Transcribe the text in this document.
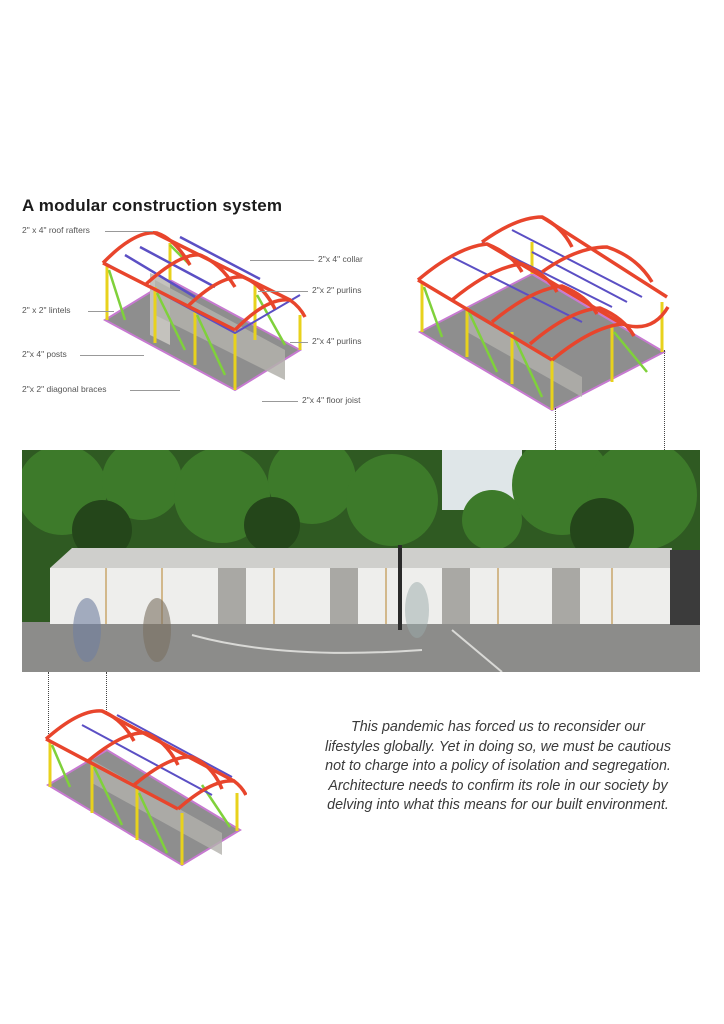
A modular construction system
2" x 4" roof rafters
2"x 4" collar
2"x 2" purlins
2" x 2" lintels
2"x 4" purlins
2"x 4" posts
2"x 2" diagonal braces
2"x 4" floor joist
This pandemic has forced us to reconsider our lifestyles globally. Yet in doing so, we must be cautious not to charge into a policy of isolation and segregation. Architecture needs to confirm its role in our society by delving into what this means for our built environment.
